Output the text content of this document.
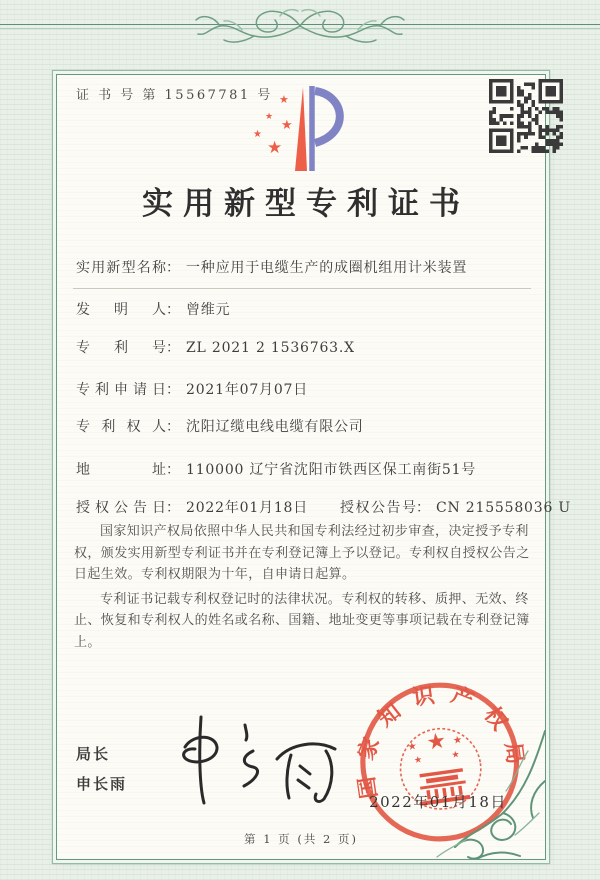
证 书 号 第 15567781 号 ★
★
★
★
★
实用新型专利证书
实用新型名称： 一种应用于电缆生产的成圈机组用计米装置
发明人： 曾维元
专利号： ZL 2021 2 1536763.X
专利申请日： 2021年07月07日
专利权人： 沈阳辽缆电线电缆有限公司
地址： 110000 辽宁省沈阳市铁西区保工南街51号
授权公告日： 2022年01月18日 授权公告号： CN 215558036 U

国家知识产权局依照中华人民共和国专利法经过初步审查，决定授予专利权，颁发实用新型专利证书并在专利登记簿上予以登记。专利权自授权公告之日起生效。专利权期限为十年，自申请日起算。

专利证书记载专利权登记时的法律状况。专利权的转移、质押、无效、终止、恢复和专利权人的姓名或名称、国籍、地址变更等事项记载在专利登记簿上。

局长
申长雨	国家知识产权局
★
★	★
★	★
2022年01月18日
第 1 页 (共 2 页)
